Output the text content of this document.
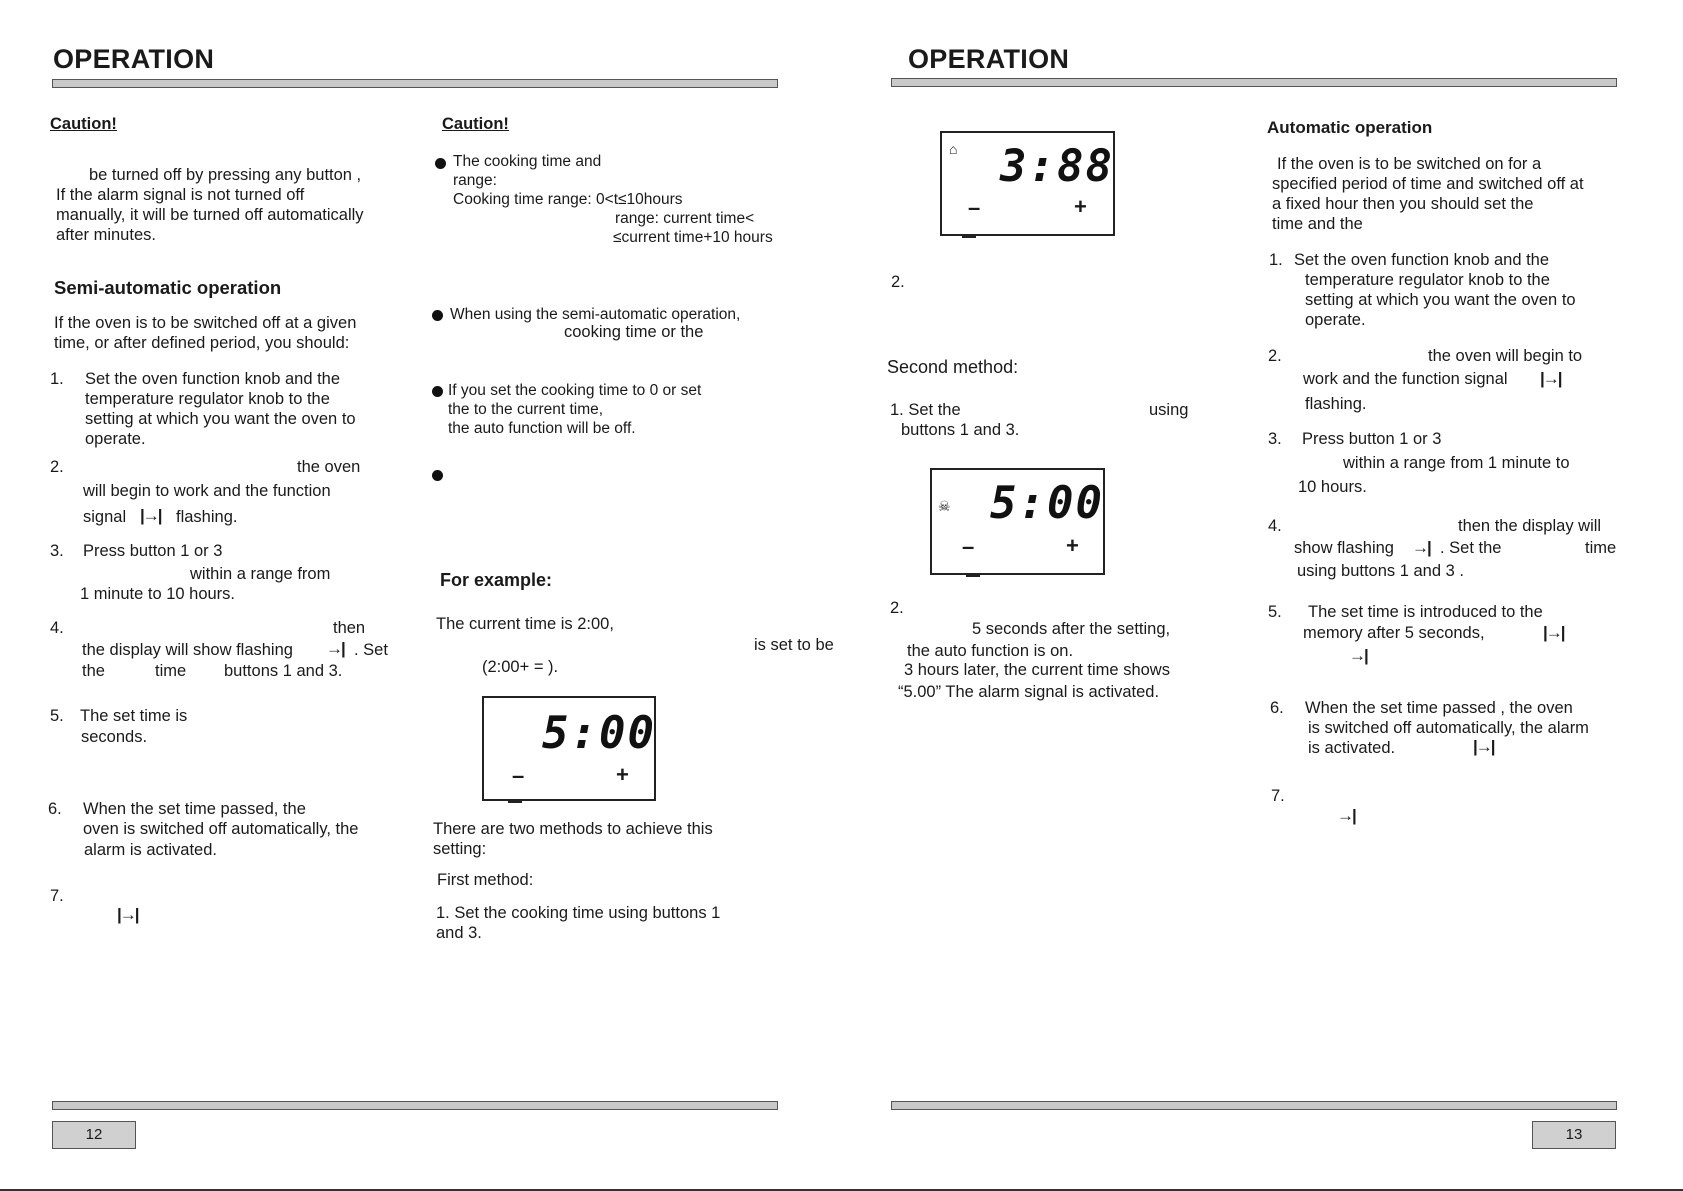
OPERATION
Caution!
be turned off by pressing any button ,
If the alarm signal is not turned off
manually, it will be turned off automatically
after minutes.
Semi-automatic operation
If the oven is to be switched off at a given
time, or after defined period, you should:
1. Set the oven function knob and the
temperature regulator knob to the
setting at which you want the oven to
operate.
2.	the oven
will begin to work and the function
signal |→| flashing.
3. Press button 1 or 3
within a range from
1 minute to 10 hours.
4.	then
the display will show flashing →| . Set
the	time buttons 1 and 3.
5. The set time is
seconds.
6. When the set time passed, the
oven is switched off automatically, the
alarm is activated.
7.
|→|
Caution!
The cooking time and
range:
Cooking time range: 0<t≤10hours
range: current time<
≤current time+10 hours
When using the semi-automatic operation,
cooking time or the
If you set the cooking time to 0 or set
the to the current time,
the auto function will be off.
For example:
The current time is 2:00,
is set to be
(2:00+ = ).
5:00
–	+
There are two methods to achieve this
setting:
First method:
1. Set the cooking time using buttons 1
and 3.
12
OPERATION
⌂ 3:88
–	+
2.
Second method:
1. Set the	using
buttons 1 and 3.
☠ 5:00
–	+
2.
5 seconds after the setting,
the auto function is on.
3 hours later, the current time shows
“5.00” The alarm signal is activated.
Automatic operation
If the oven is to be switched on for a
specified period of time and switched off at
a fixed hour then you should set the
time and the
1. Set the oven function knob and the
temperature regulator knob to the
setting at which you want the oven to
operate.
2.	the oven will begin to
work and the function signal |→|
flashing.
3. Press button 1 or 3
within a range from 1 minute to
10 hours.
4.	then the display will
show flashing →| . Set the	time
using buttons 1 and 3 .
5. The set time is introduced to the
memory after 5 seconds,	|→|
→|
6. When the set time passed , the oven
is switched off automatically, the alarm
is activated.	|→|
7.
→|
13
